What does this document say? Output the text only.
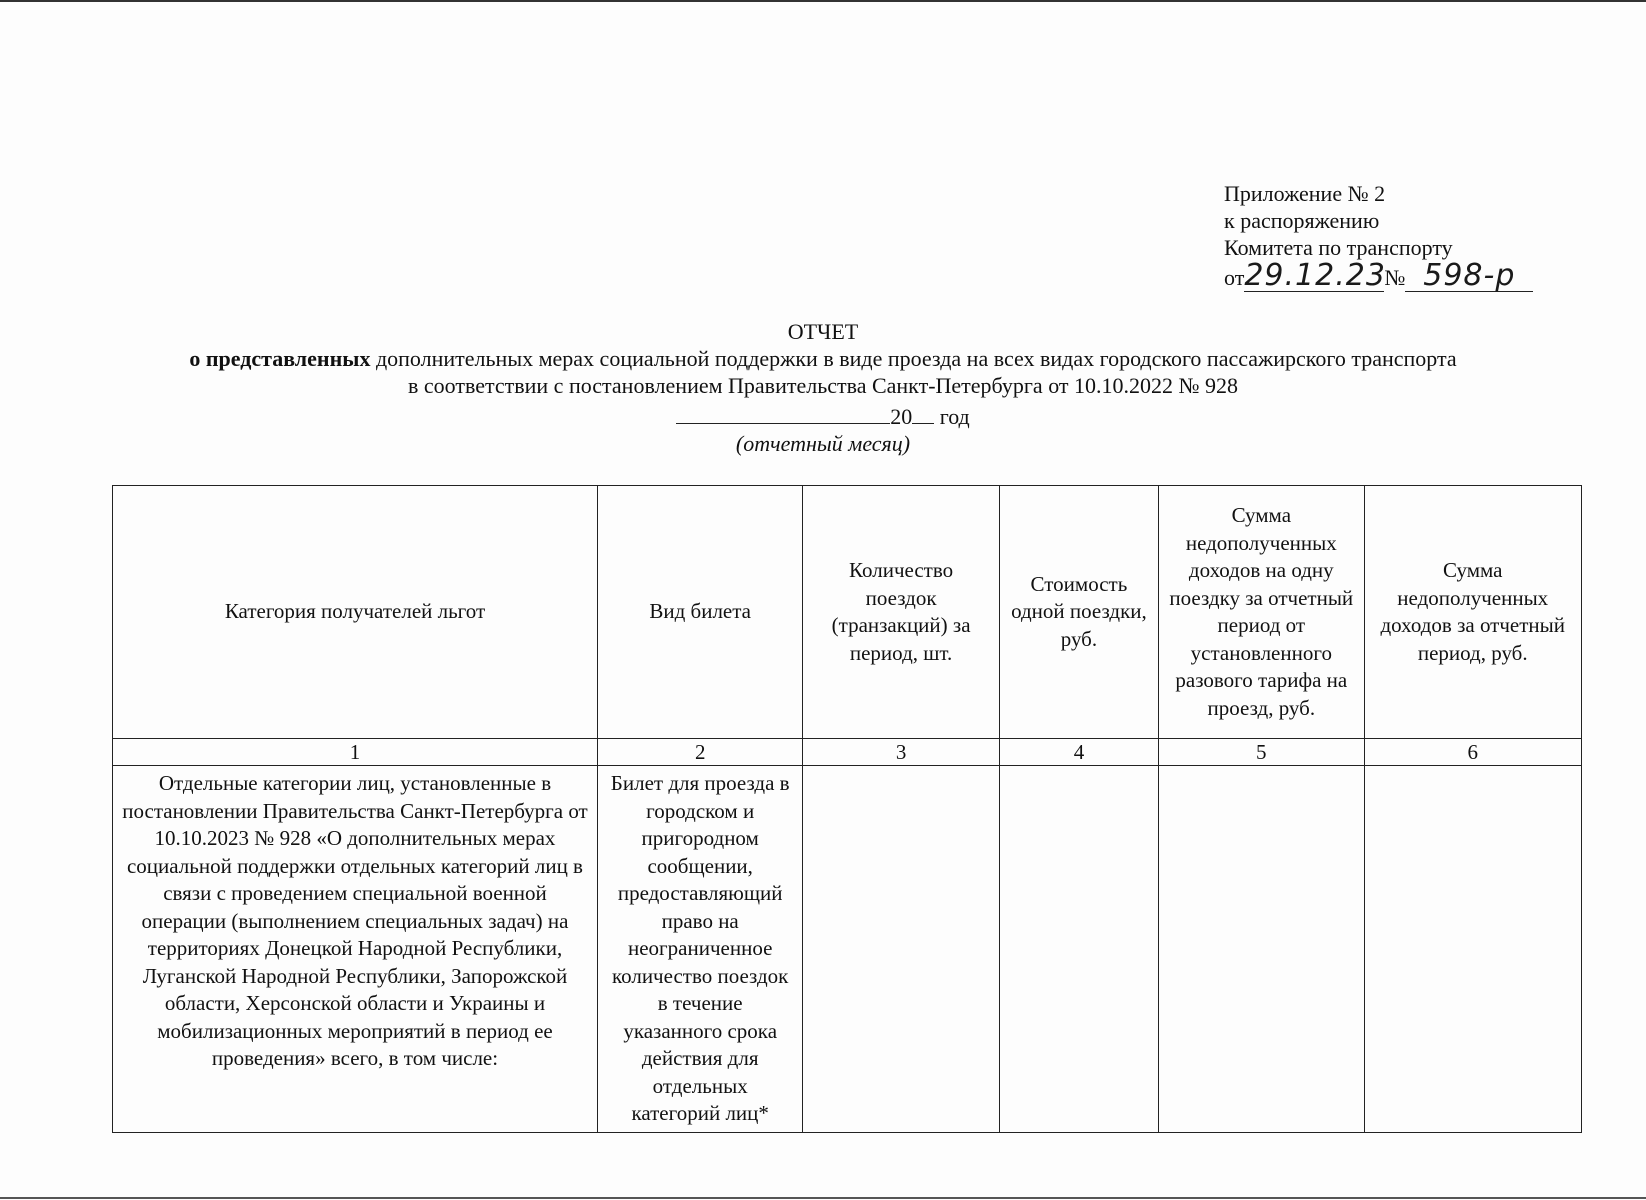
Приложение № 2
к распоряжению
Комитета по транспорту
от29.12.23№ 598-р
ОТЧЕТ
о представленных дополнительных мерах социальной поддержки в виде проезда на всех видах городского пассажирского транспорта
в соответствии с постановлением Правительства Санкт-Петербурга от 10.10.2022 № 928
20 год
(отчетный месяц)
Категория получателей льгот	Вид билета	Количество поездок (транзакций) за период, шт.	Стоимость одной поездки, руб.	Сумма недополученных доходов на одну поездку за отчетный период от установленного разового тарифа на проезд, руб.	Сумма недополученных доходов за отчетный период, руб.
1	2	3	4	5	6
Отдельные категории лиц, установленные в постановлении Правительства Санкт-Петербурга от 10.10.2023 № 928 «О дополнительных мерах социальной поддержки отдельных категорий лиц в связи с проведением специальной военной операции (выполнением специальных задач) на территориях Донецкой Народной Республики, Луганской Народной Республики, Запорожской области, Херсонской области и Украины и мобилизационных мероприятий в период ее проведения» всего, в том числе:	Билет для проезда в городском и пригородном сообщении, предоставляющий право на неограниченное количество поездок в течение указанного срока действия для отдельных категорий лиц*				
